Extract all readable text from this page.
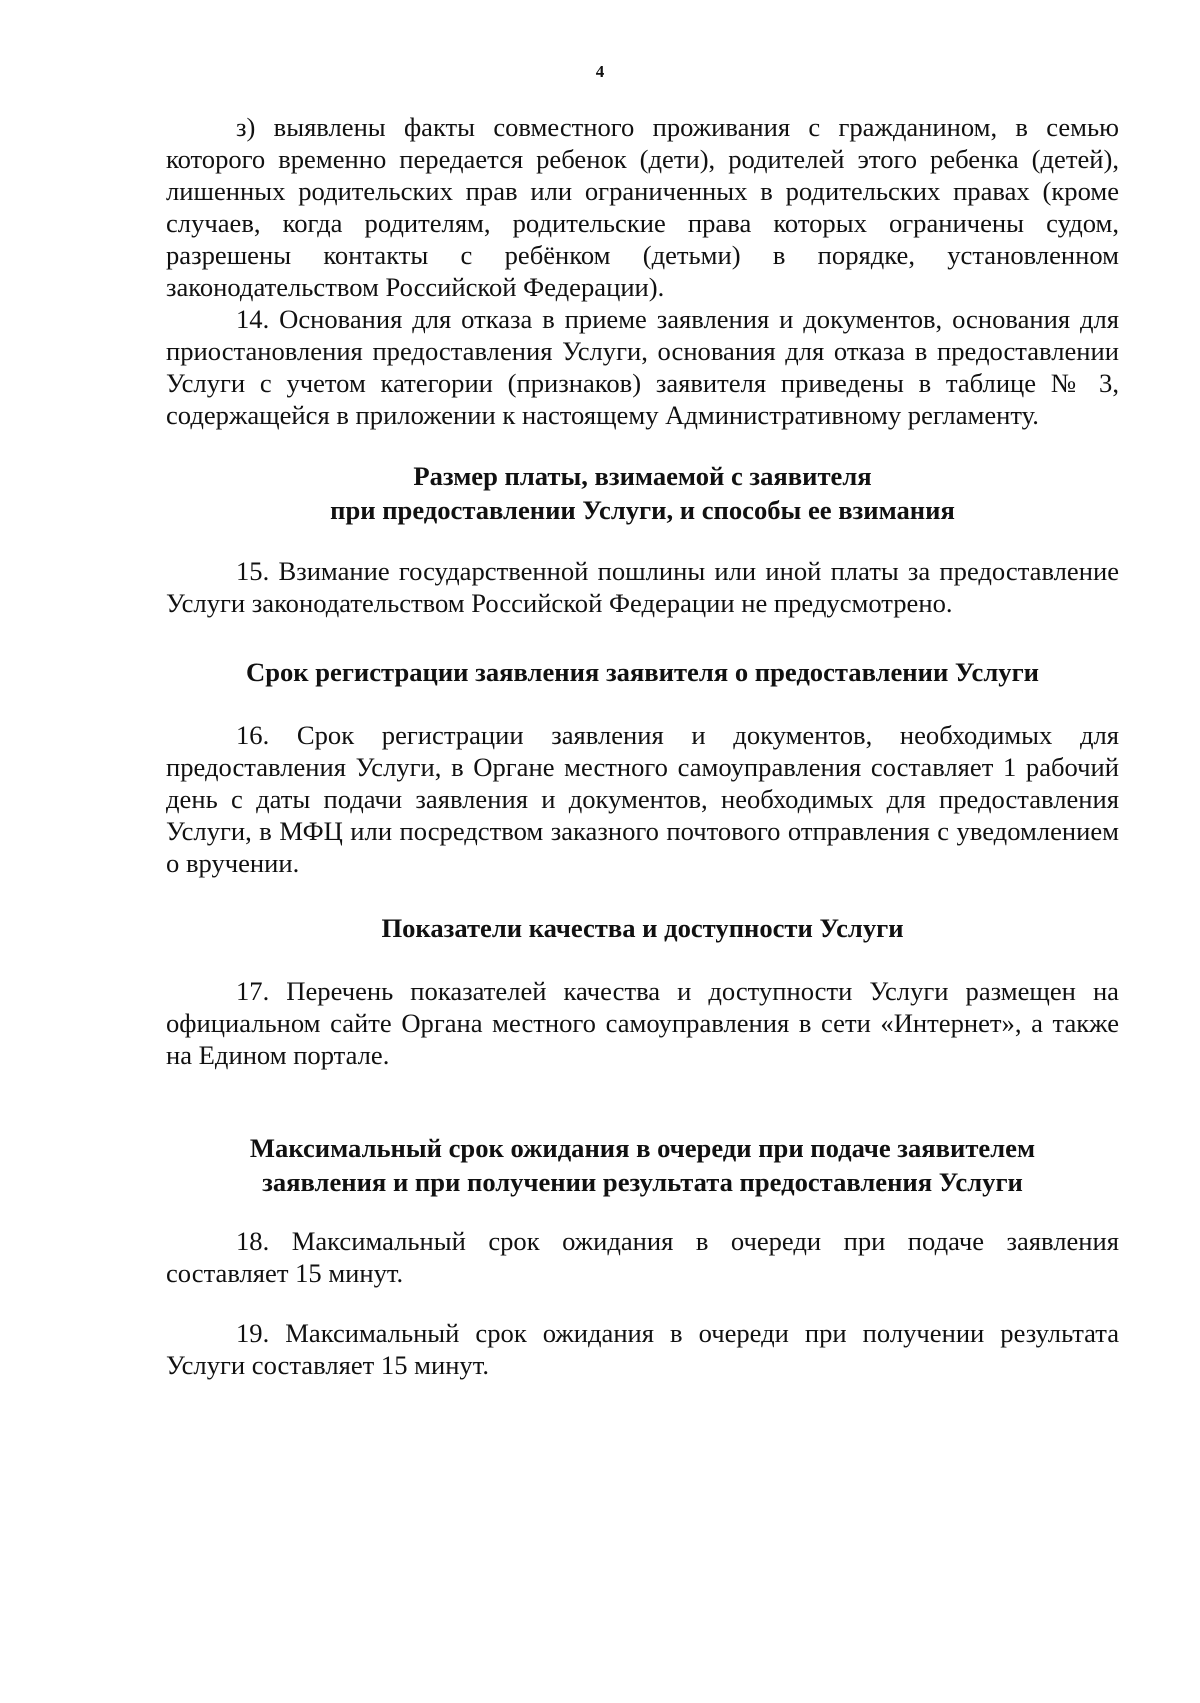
4

з) выявлены факты совместного проживания с гражданином, в семью которого временно передается ребенок (дети), родителей этого ребенка (детей), лишенных родительских прав или ограниченных в родительских правах (кроме случаев, когда родителям, родительские права которых ограничены судом, разрешены контакты с ребёнком (детьми) в порядке, установленном законодательством Российской Федерации).

14. Основания для отказа в приеме заявления и документов, основания для приостановления предоставления Услуги, основания для отказа в предоставлении Услуги с учетом категории (признаков) заявителя приведены в таблице № 3, содержащейся в приложении к настоящему Административному регламенту.

Размер платы, взимаемой с заявителя
при предоставлении Услуги, и способы ее взимания

15. Взимание государственной пошлины или иной платы за предоставление Услуги законодательством Российской Федерации не предусмотрено.

Срок регистрации заявления заявителя о предоставлении Услуги

16. Срок регистрации заявления и документов, необходимых для предоставления Услуги, в Органе местного самоуправления составляет 1 рабочий день с даты подачи заявления и документов, необходимых для предоставления Услуги, в МФЦ или посредством заказного почтового отправления с уведомлением о вручении.

Показатели качества и доступности Услуги

17. Перечень показателей качества и доступности Услуги размещен на официальном сайте Органа местного самоуправления в сети «Интернет», а также на Едином портале.

Максимальный срок ожидания в очереди при подаче заявителем
заявления и при получении результата предоставления Услуги

18. Максимальный срок ожидания в очереди при подаче заявления составляет 15 минут.

19. Максимальный срок ожидания в очереди при получении результата Услуги составляет 15 минут.
